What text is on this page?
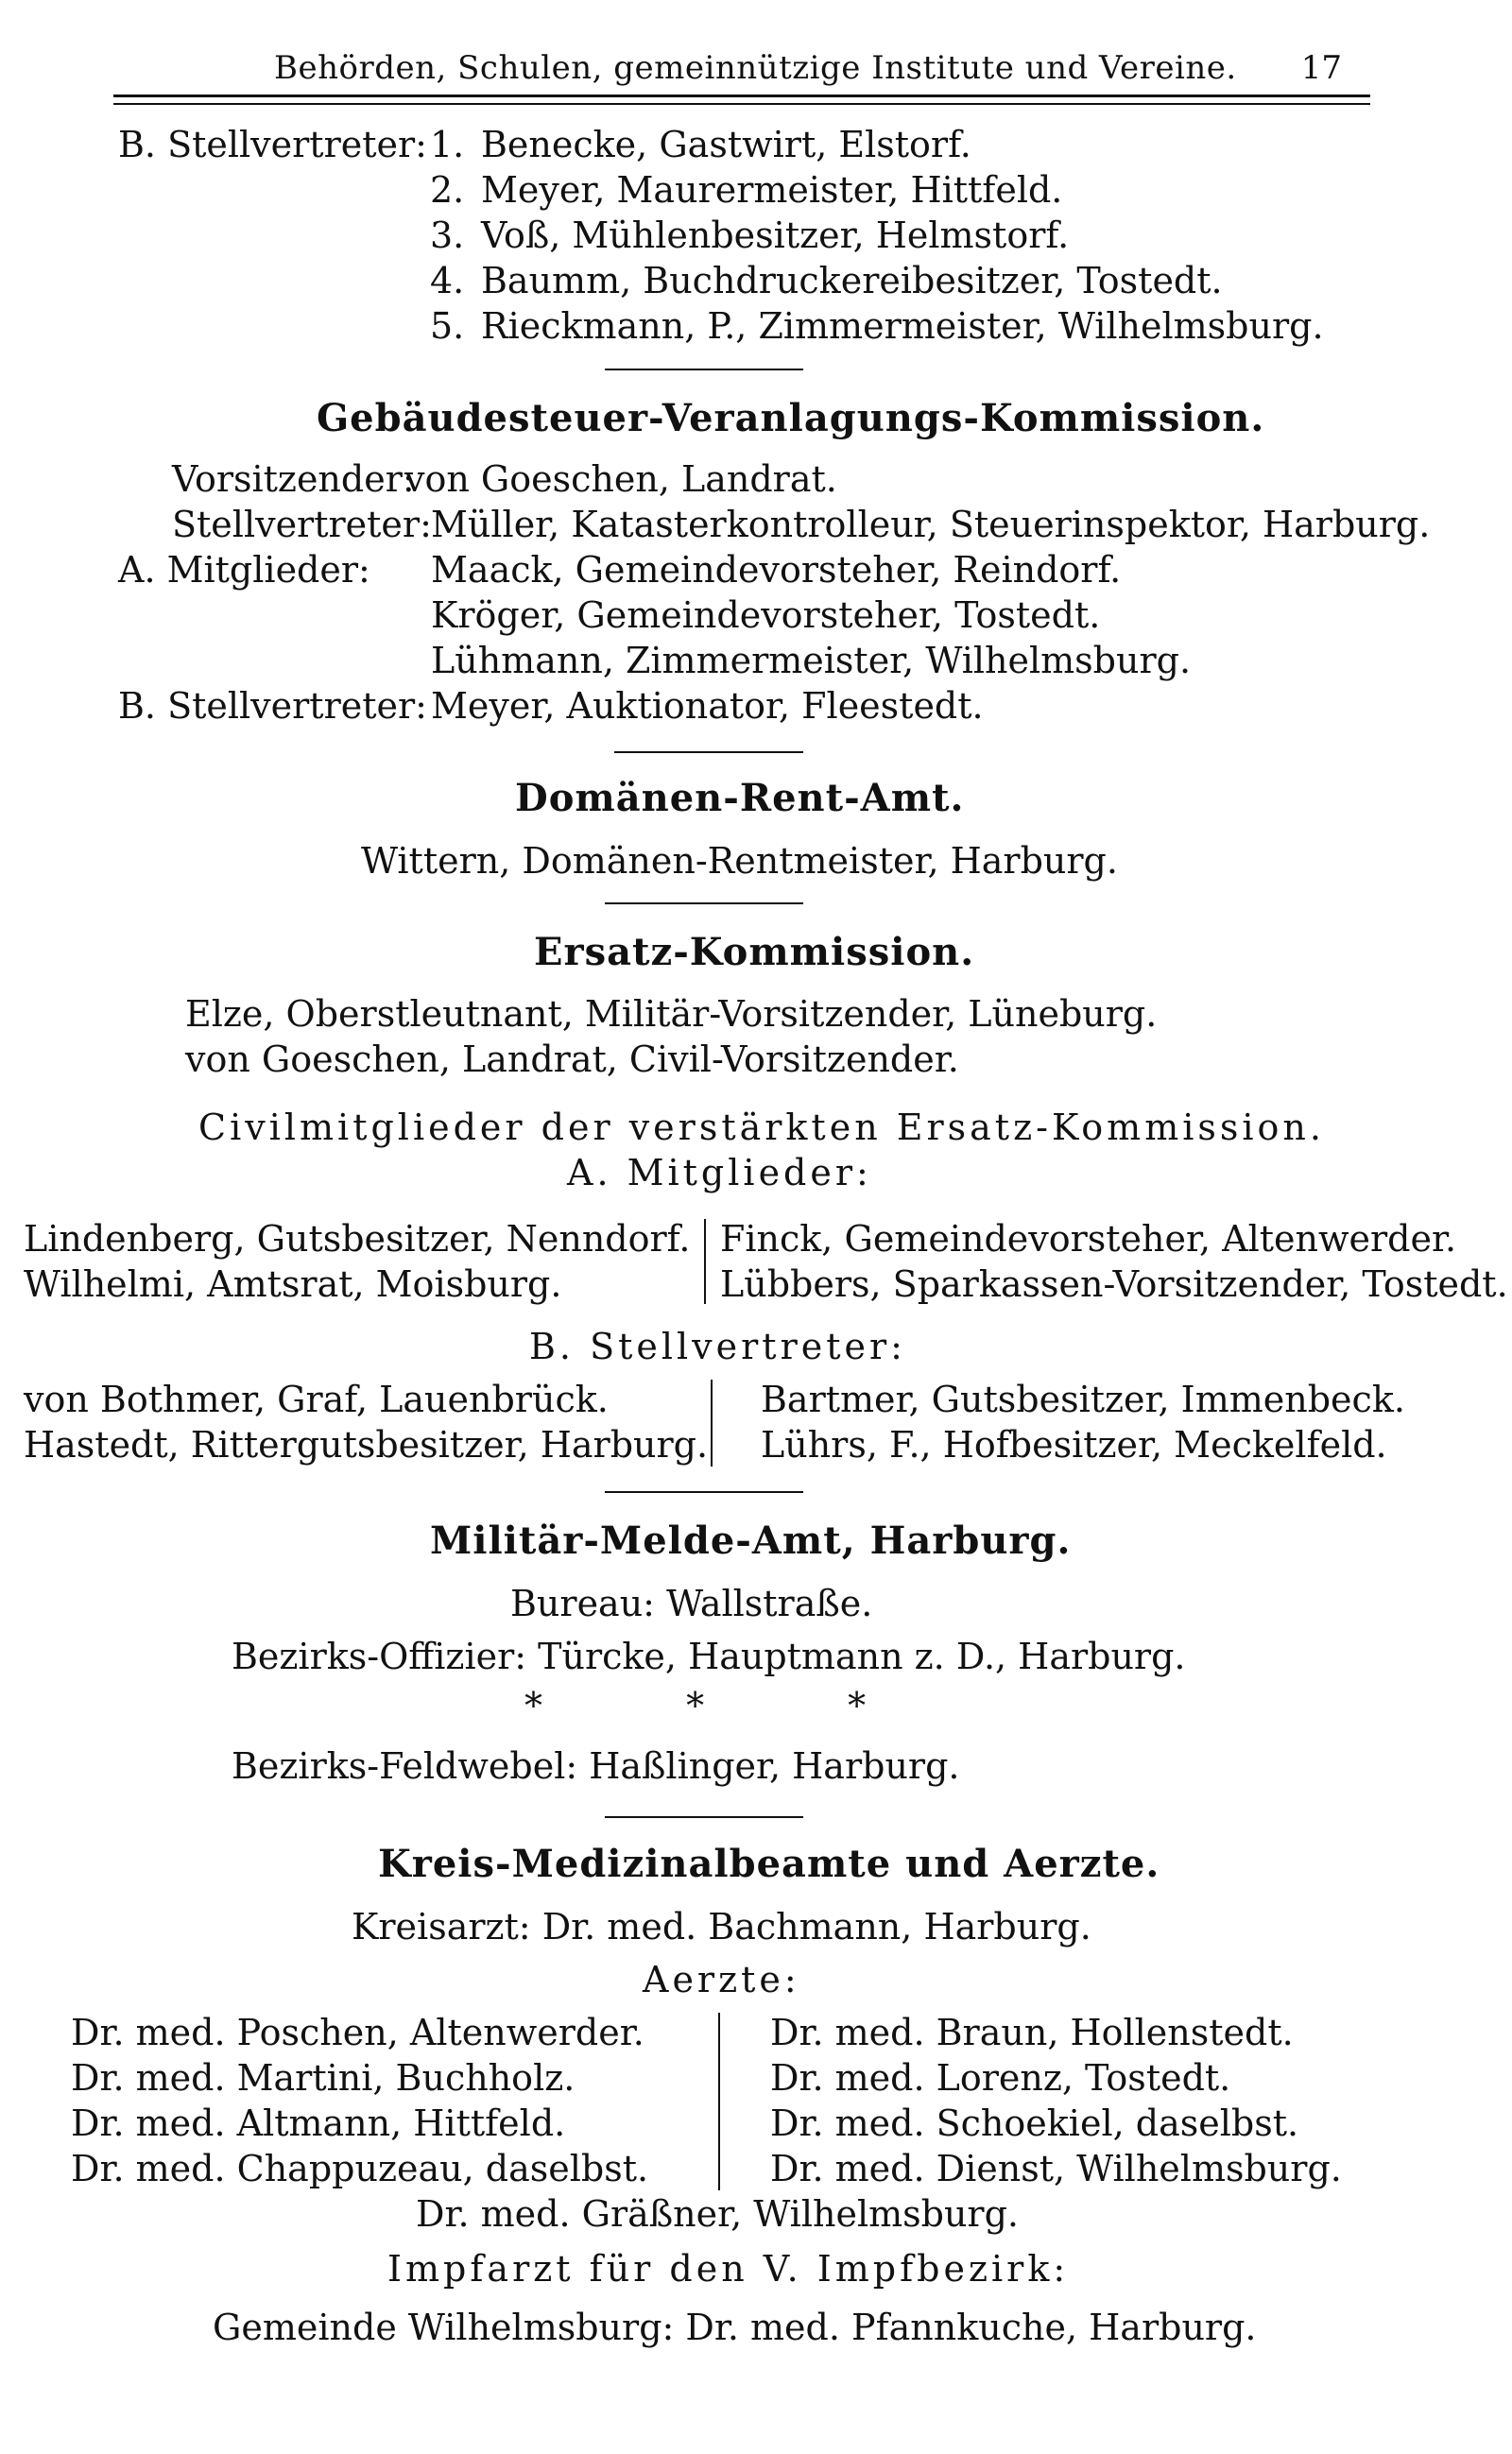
Behörden, Schulen, gemeinnützige Institute und Vereine. 17
B. Stellvertreter: 1. Benecke, Gastwirt, Elstorf.
2. Meyer, Maurermeister, Hittfeld.
3. Voß, Mühlenbesitzer, Helmstorf.
4. Baumm, Buchdruckereibesitzer, Tostedt.
5. Rieckmann, P., Zimmermeister, Wilhelmsburg.
Gebäudesteuer-Veranlagungs-Kommission.
Vorsitzender:
von Goeschen, Landrat.
Stellvertreter: Müller, Katasterkontrolleur, Steuerinspektor, Harburg.
A. Mitglieder: Maack, Gemeindevorsteher, Reindorf.
Kröger, Gemeindevorsteher, Tostedt.
Lühmann, Zimmermeister, Wilhelmsburg.
B. Stellvertreter: Meyer, Auktionator, Fleestedt.
Domänen-Rent-Amt.
Wittern, Domänen-Rentmeister, Harburg.
Ersatz-Kommission.
Elze, Oberstleutnant, Militär-Vorsitzender, Lüneburg.
von Goeschen, Landrat, Civil-Vorsitzender.
Civilmitglieder der verstärkten Ersatz-Kommission.
A. Mitglieder:
Lindenberg, Gutsbesitzer, Nenndorf.
Wilhelmi, Amtsrat, Moisburg.
Finck, Gemeindevorsteher, Altenwerder.
Lübbers, Sparkassen-Vorsitzender, Tostedt.
B. Stellvertreter:
von Bothmer, Graf, Lauenbrück.
Hastedt, Rittergutsbesitzer, Harburg.
Bartmer, Gutsbesitzer, Immenbeck.
Lührs, F., Hofbesitzer, Meckelfeld.
Militär-Melde-Amt, Harburg.
Bureau: Wallstraße.
Bezirks-Offizier: Türcke, Hauptmann z. D., Harburg.
* * *
Bezirks-Feldwebel: Haßlinger, Harburg.
Kreis-Medizinalbeamte und Aerzte.
Kreisarzt: Dr. med. Bachmann, Harburg.
Aerzte:
Dr. med. Poschen, Altenwerder.
Dr. med. Martini, Buchholz.
Dr. med. Altmann, Hittfeld.
Dr. med. Chappuzeau, daselbst.
Dr. med. Braun, Hollenstedt.
Dr. med. Lorenz, Tostedt.
Dr. med. Schoekiel, daselbst.
Dr. med. Dienst, Wilhelmsburg.
Dr. med. Gräßner, Wilhelmsburg.
Impfarzt für den V. Impfbezirk:
Gemeinde Wilhelmsburg: Dr. med. Pfannkuche, Harburg.
